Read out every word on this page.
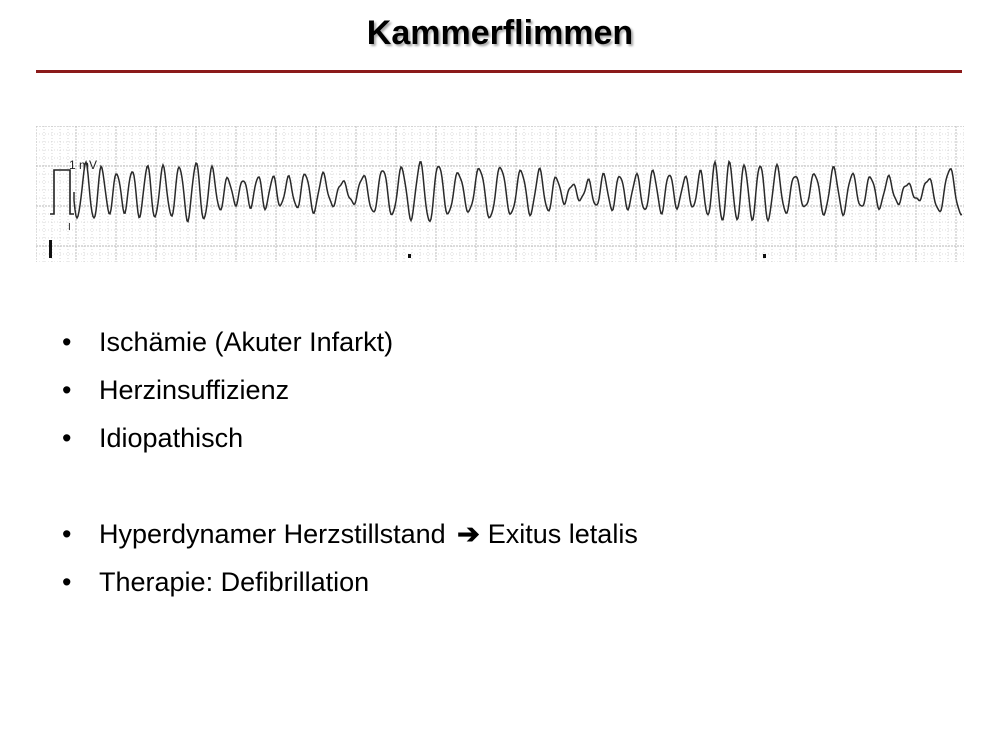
Kammerflimmen
1 mV
I
• Ischämie (Akuter Infarkt)
• Herzinsuffizienz
• Idiopathisch
• Hyperdynamer Herzstillstand ➔ Exitus letalis
• Therapie: Defibrillation
